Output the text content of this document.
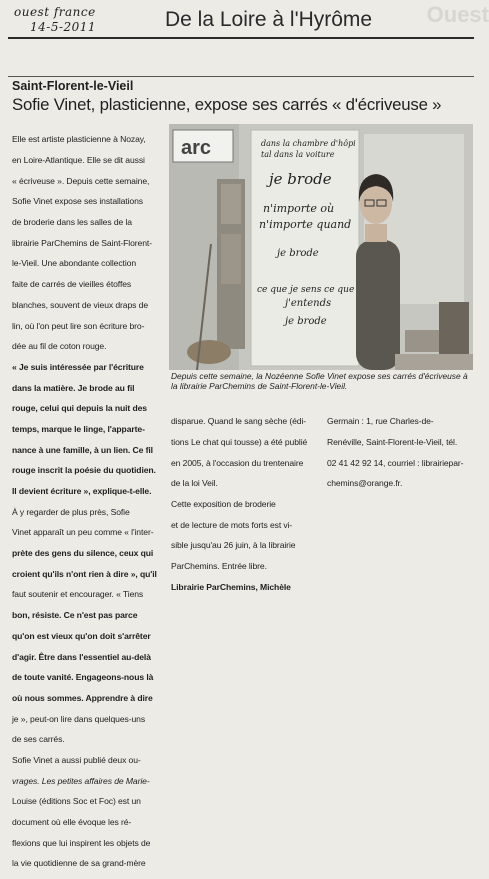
ouest france
14-5-2011	De la Loire à l'Hyrôme Ouest
Saint-Florent-le-Vieil
Sofie Vinet, plasticienne, expose ses carrés « d'écriveuse »

Elle est artiste plasticienne à Nozay,

en Loire-Atlantique. Elle se dit aussi

« écriveuse ». Depuis cette semaine,

Sofie Vinet expose ses installations

de broderie dans les salles de la

librairie ParChemins de Saint-Florent-

le-Vieil. Une abondante collection

faite de carrés de vieilles étoffes

blanches, souvent de vieux draps de

lin, où l'on peut lire son écriture bro-

dée au fil de coton rouge.

« Je suis intéressée par l'écriture

dans la matière. Je brode au fil

rouge, celui qui depuis la nuit des

temps, marque le linge, l'apparte-

nance à une famille, à un lien. Ce fil

rouge inscrit la poésie du quotidien.

Il devient écriture », explique-t-elle.

À y regarder de plus près, Sofie

Vinet apparaît un peu comme « l'inter-

prète des gens du silence, ceux qui

croient qu'ils n'ont rien à dire », qu'il

faut soutenir et encourager. « Tiens

bon, résiste. Ce n'est pas parce

qu'on est vieux qu'on doit s'arrêter

d'agir. Être dans l'essentiel au-delà

de toute vanité. Engageons-nous là

où nous sommes. Apprendre à dire

je », peut-on lire dans quelques-uns

de ses carrés.

Sofie Vinet a aussi publié deux ou-

vrages. Les petites affaires de Marie-

Louise (éditions Soc et Foc) est un

document où elle évoque les ré-

flexions que lui inspirent les objets de

la vie quotidienne de sa grand-mère

arc	dans la chambre d'hôpi
tal dans la voiture
je brode
n'importe où
n'importe quand
je brode
ce que je sens ce que
j'entends
je brode
Depuis cette semaine, la Nozéenne Sofie Vinet expose ses carrés d'écriveuse à la librairie ParChemins de Saint-Florent-le-Vieil.

disparue. Quand le sang sèche (édi-

tions Le chat qui tousse) a été publié

en 2005, à l'occasion du trentenaire

de la loi Veil.

Cette exposition de broderie

et de lecture de mots forts est vi-

sible jusqu'au 26 juin, à la librairie

ParChemins. Entrée libre.

Librairie ParChemins, Michèle

Germain : 1, rue Charles-de-

Renéville, Saint-Florent-le-Vieil, tél.

02 41 42 92 14, courriel : librairiepar-

chemins@orange.fr.
